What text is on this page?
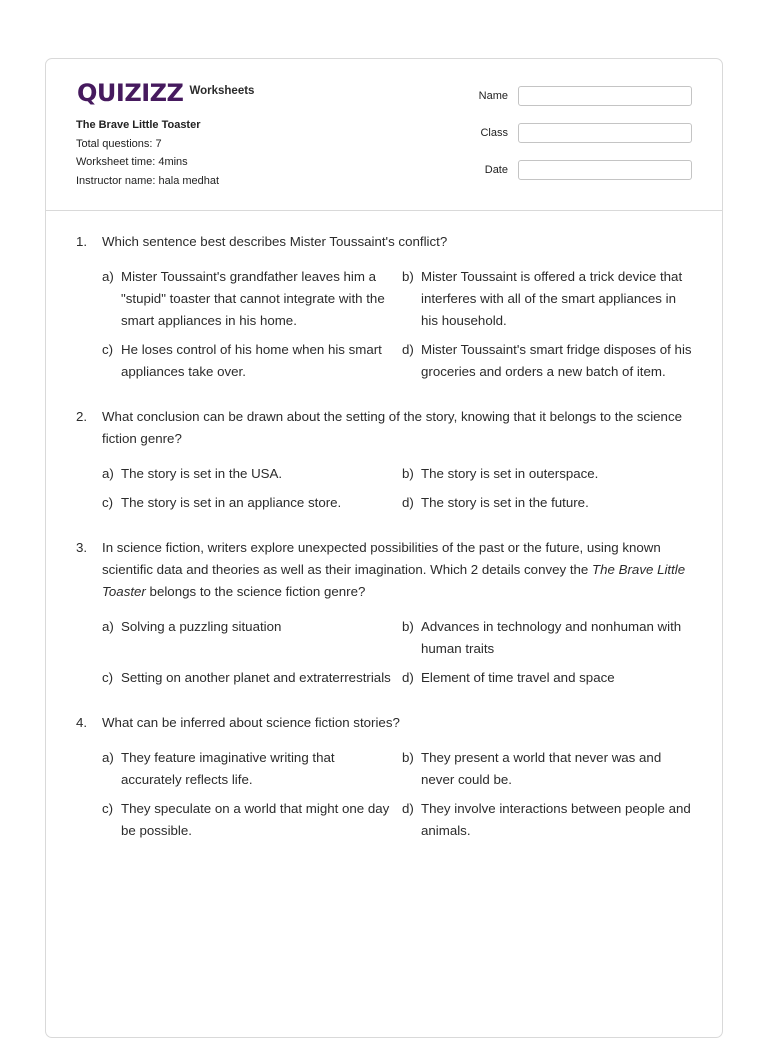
QUIZIZZ Worksheets
The Brave Little Toaster
Total questions: 7
Worksheet time: 4mins
Instructor name: hala medhat
Name
Class
Date
1.	Which sentence best describes Mister Toussaint's conflict?
a) Mister Toussaint's grandfather leaves him a "stupid" toaster that cannot integrate with the smart appliances in his home.
b) Mister Toussaint is offered a trick device that interferes with all of the smart appliances in his household.
c) He loses control of his home when his smart appliances take over.
d) Mister Toussaint's smart fridge disposes of his groceries and orders a new batch of item.
2.	What conclusion can be drawn about the setting of the story, knowing that it belongs to the science fiction genre?
a) The story is set in the USA.	b) The story is set in outerspace.
c) The story is set in an appliance store.	d) The story is set in the future.
3.	In science fiction, writers explore unexpected possibilities of the past or the future, using known scientific data and theories as well as their imagination. Which 2 details convey the The Brave Little Toaster belongs to the science fiction genre?
a) Solving a puzzling situation	b) Advances in technology and nonhuman with human traits
c) Setting on another planet and extraterrestrials d) Element of time travel and space
4.	What can be inferred about science fiction stories?
a) They feature imaginative writing that accurately reflects life.
b) They present a world that never was and never could be.
c) They speculate on a world that might one day be possible.
d) They involve interactions between people and animals.
